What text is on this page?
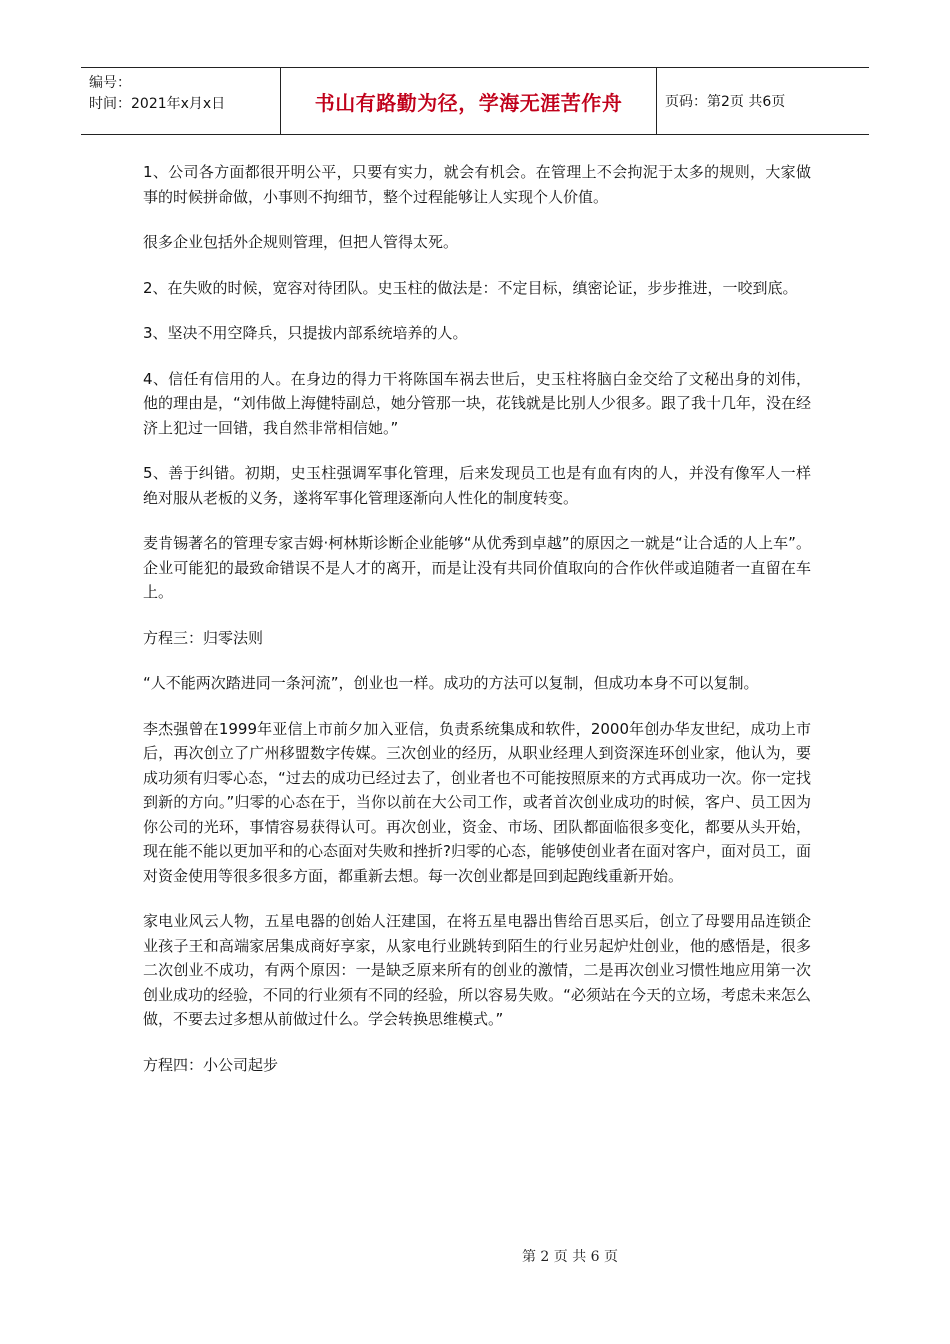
编号：
时间：2021年x月x日	书山有路勤为径，学海无涯苦作舟	页码：第2页 共6页

1、公司各方面都很开明公平，只要有实力，就会有机会。在管理上不会拘泥于太多的规则，大家做事的时候拼命做，小事则不拘细节，整个过程能够让人实现个人价值。

很多企业包括外企规则管理，但把人管得太死。

2、在失败的时候，宽容对待团队。史玉柱的做法是：不定目标，缜密论证，步步推进，一咬到底。

3、坚决不用空降兵，只提拔内部系统培养的人。

4、信任有信用的人。在身边的得力干将陈国车祸去世后，史玉柱将脑白金交给了文秘出身的刘伟，他的理由是，“刘伟做上海健特副总，她分管那一块，花钱就是比别人少很多。跟了我十几年，没在经济上犯过一回错，我自然非常相信她。”

5、善于纠错。初期，史玉柱强调军事化管理，后来发现员工也是有血有肉的人，并没有像军人一样绝对服从老板的义务，遂将军事化管理逐渐向人性化的制度转变。

麦肯锡著名的管理专家吉姆·柯林斯诊断企业能够“从优秀到卓越”的原因之一就是“让合适的人上车”。企业可能犯的最致命错误不是人才的离开，而是让没有共同价值取向的合作伙伴或追随者一直留在车上。

方程三：归零法则

“人不能两次踏进同一条河流”，创业也一样。成功的方法可以复制，但成功本身不可以复制。

李杰强曾在1999年亚信上市前夕加入亚信，负责系统集成和软件，2000年创办华友世纪，成功上市后，再次创立了广州移盟数字传媒。三次创业的经历，从职业经理人到资深连环创业家，他认为，要成功须有归零心态，“过去的成功已经过去了，创业者也不可能按照原来的方式再成功一次。你一定找到新的方向。”归零的心态在于，当你以前在大公司工作，或者首次创业成功的时候，客户、员工因为你公司的光环，事情容易获得认可。再次创业，资金、市场、团队都面临很多变化，都要从头开始，现在能不能以更加平和的心态面对失败和挫折?归零的心态，能够使创业者在面对客户，面对员工，面对资金使用等很多很多方面，都重新去想。每一次创业都是回到起跑线重新开始。

家电业风云人物，五星电器的创始人汪建国，在将五星电器出售给百思买后，创立了母婴用品连锁企业孩子王和高端家居集成商好享家，从家电行业跳转到陌生的行业另起炉灶创业，他的感悟是，很多二次创业不成功，有两个原因：一是缺乏原来所有的创业的激情，二是再次创业习惯性地应用第一次创业成功的经验，不同的行业须有不同的经验，所以容易失败。“必须站在今天的立场，考虑未来怎么做，不要去过多想从前做过什么。学会转换思维模式。”

方程四：小公司起步

第 2 页 共 6 页
